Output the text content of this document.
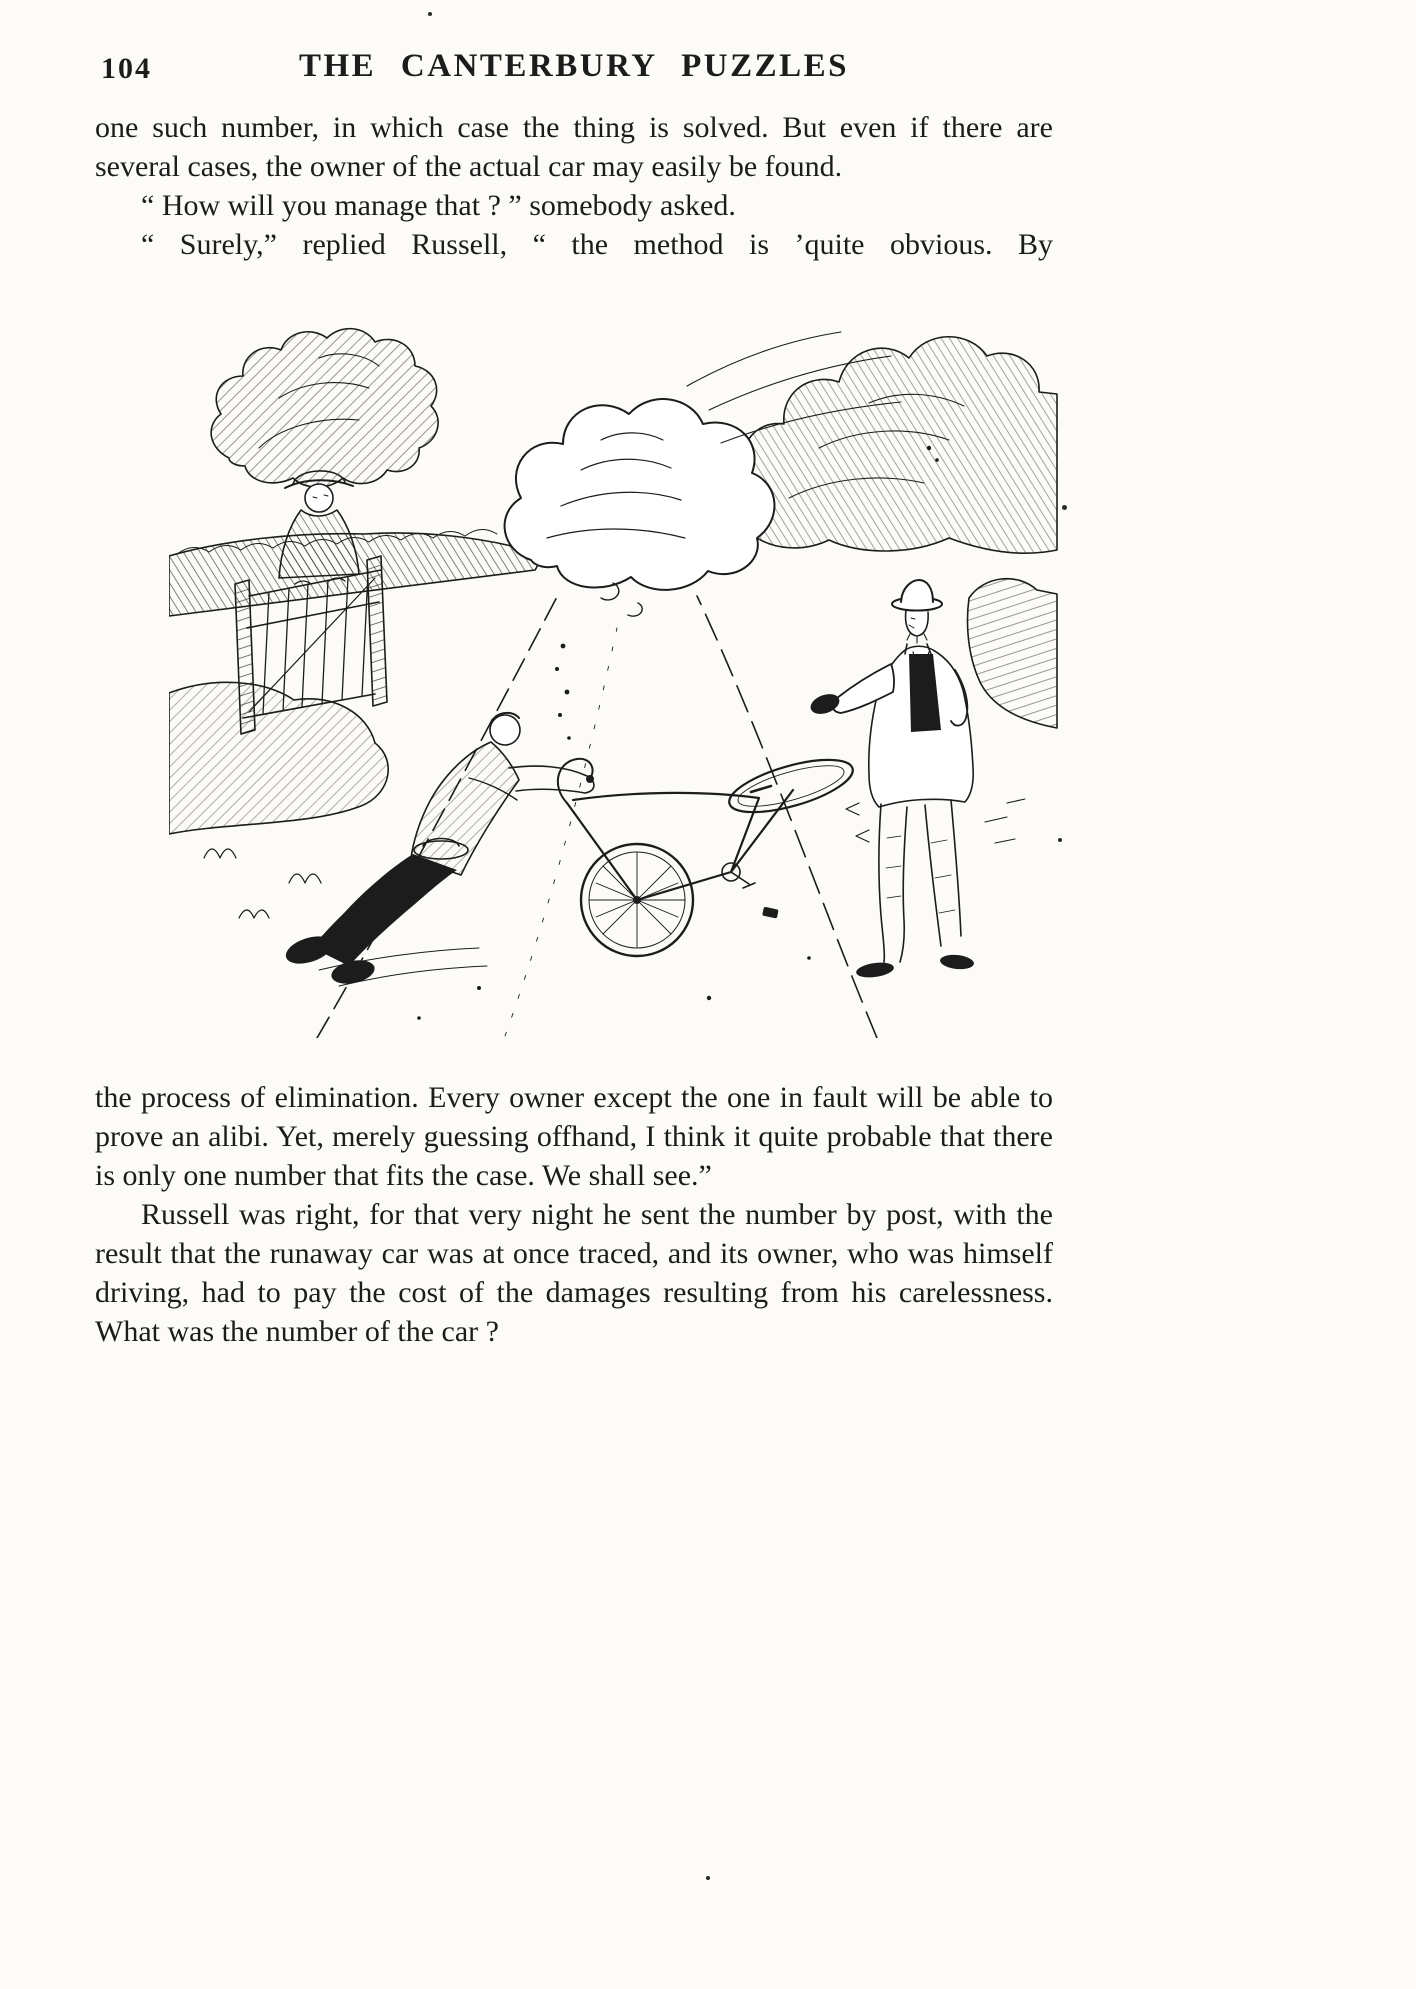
104	THE CANTERBURY PUZZLES

one such number, in which case the thing is solved. But even if there are several cases, the owner of the actual car may easily be found.

“ How will you manage that ? ” somebody asked.

“ Surely,” replied Russell, “ the method is ’quite obvious. By

the process of elimination. Every owner except the one in fault will be able to prove an alibi. Yet, merely guessing offhand, I think it quite probable that there is only one number that fits the case. We shall see.”

Russell was right, for that very night he sent the number by post, with the result that the runaway car was at once traced, and its owner, who was himself driving, had to pay the cost of the damages resulting from his carelessness. What was the number of the car ?
